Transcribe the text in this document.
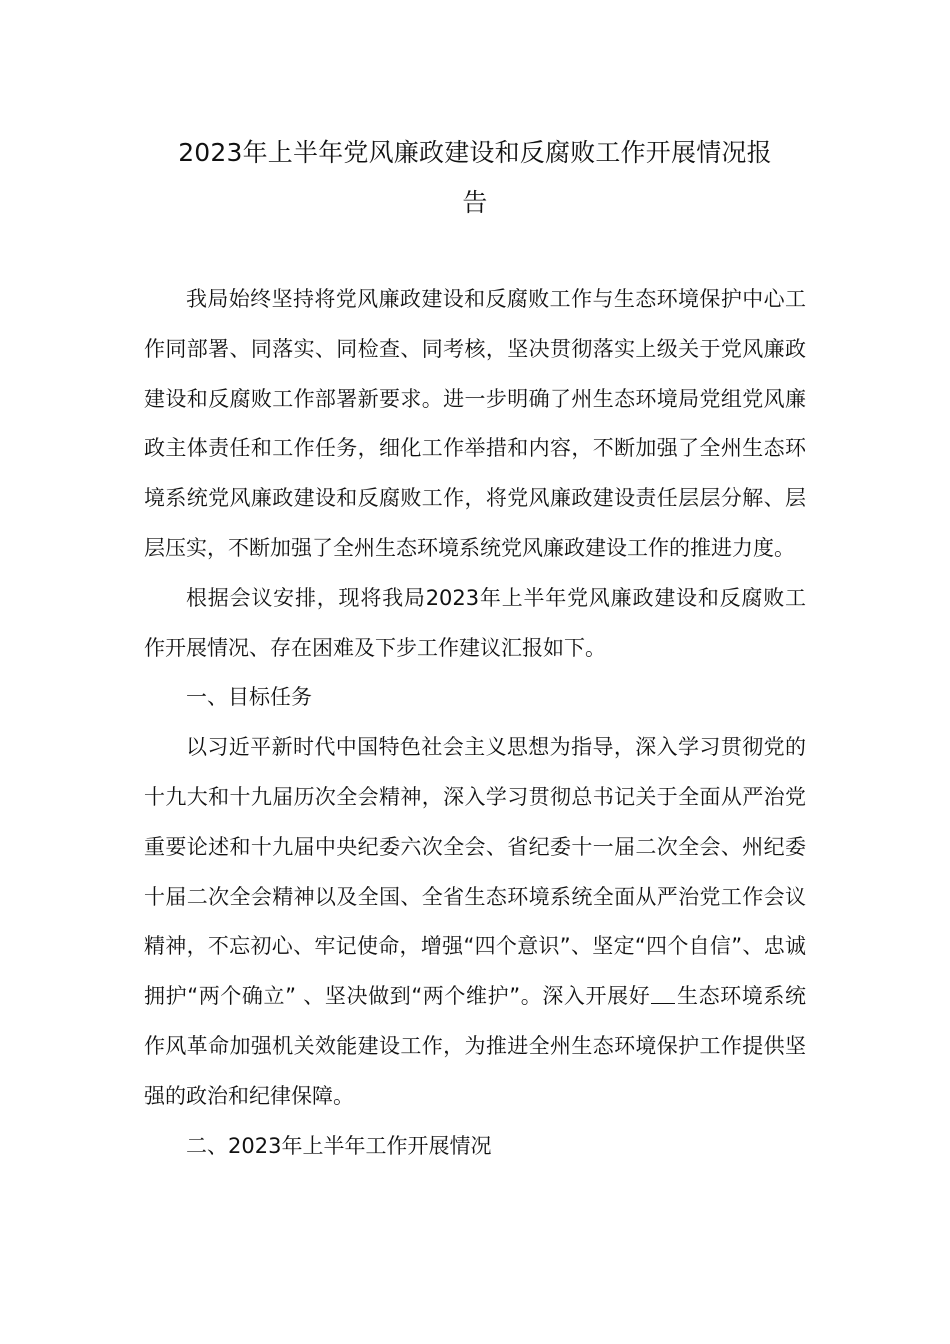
2023年上半年党风廉政建设和反腐败工作开展情况报
告

我局始终坚持将党风廉政建设和反腐败工作与生态环境保护中心工作同部署、同落实、同检查、同考核，坚决贯彻落实上级关于党风廉政建设和反腐败工作部署新要求。进一步明确了州生态环境局党组党风廉政主体责任和工作任务，细化工作举措和内容，不断加强了全州生态环境系统党风廉政建设和反腐败工作，将党风廉政建设责任层层分解、层层压实，不断加强了全州生态环境系统党风廉政建设工作的推进力度。

根据会议安排，现将我局2023年上半年党风廉政建设和反腐败工作开展情况、存在困难及下步工作建议汇报如下。

一、目标任务

以习近平新时代中国特色社会主义思想为指导，深入学习贯彻党的十九大和十九届历次全会精神，深入学习贯彻总书记关于全面从严治党重要论述和十九届中央纪委六次全会、省纪委十一届二次全会、州纪委十届二次全会精神以及全国、全省生态环境系统全面从严治党工作会议精神，不忘初心、牢记使命，增强“四个意识”、坚定“四个自信”、忠诚拥护“两个确立” 、坚决做到“两个维护”。深入开展好 生态环境系统作风革命加强机关效能建设工作，为推进全州生态环境保护工作提供坚强的政治和纪律保障。

二、2023年上半年工作开展情况
